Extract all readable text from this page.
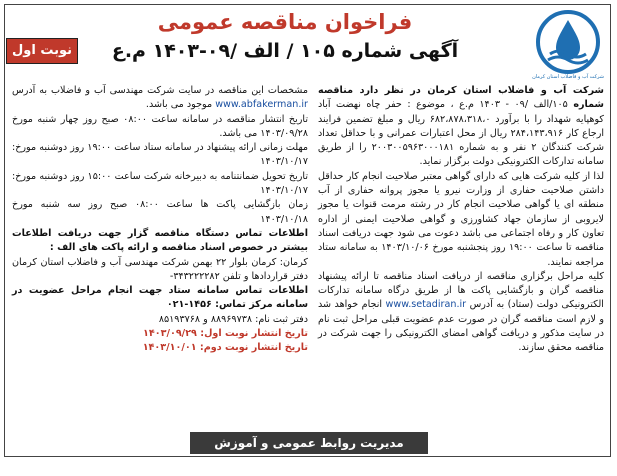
نوبت اول
فراخوان مناقصه عمومی
آگهی شماره ۱۰۵ / الف /۰۹-۱۴۰۳ م.ع
شرکت آب و فاضلاب استان کرمان

شرکت آب و فاضلاب استان کرمان در نظر دارد مناقصه شماره ۱۰۵/الف /۰۹ - ۱۴۰۳ م.ع ، موضوع : حفر چاه نهضت آباد کوهپایه شهداد را با برآورد ۶۸۲،۸۷۸،۳۱۸،۰ ریال و مبلغ تضمین فرایند ارجاع کار ۲۸۴،۱۴۳،۹۱۶ ریال از محل اعتبارات عمرانی و با حداقل تعداد شرکت کنندگان ۲ نفر و به شماره ۲۰۰۳۰۰۵۹۶۳۰۰۰۱۸۱ را از طریق سامانه تدارکات الکترونیکی دولت برگزار نماید.

لذا از کلیه شرکت هایی که دارای گواهی معتبر صلاحیت انجام کار حداقل داشتن صلاحیت حفاری از وزارت نیرو یا مجوز پروانه حفاری از آب منطقه ای یا گواهی صلاحیت انجام کار در رشته مرمت قنوات یا مجوز لایروبی از سازمان جهاد کشاورزی و گواهی صلاحیت ایمنی از اداره تعاون کار و رفاه اجتماعی می باشد دعوت می شود جهت دریافت اسناد مناقصه تا ساعت ۱۹:۰۰ روز پنجشنبه مورخ ۱۴۰۳/۱۰/۰۶ به سامانه ستاد مراجعه نمایند.

کلیه مراحل برگزاری مناقصه از دریافت اسناد مناقصه تا ارائه پیشنهاد مناقصه گران و بازگشایی پاکت ها از طریق درگاه سامانه تدارکات الکترونیکی دولت (ستاد) به آدرس www.setadiran.ir انجام خواهد شد و لازم است مناقصه گران در صورت عدم عضویت قبلی مراحل ثبت نام در سایت مذکور و دریافت گواهی امضای الکترونیکی را جهت شرکت در مناقصه محقق سازند.

مشخصات این مناقصه در سایت شرکت مهندسی آب و فاضلاب به آدرس www.abfakerman.ir موجود می باشد.

تاریخ انتشار مناقصه در سامانه ساعت ۰۸:۰۰ صبح روز چهار شنبه مورخ ۱۴۰۳/۰۹/۲۸ می باشد.

مهلت زمانی ارائه پیشنهاد در سامانه ستاد ساعت ۱۹:۰۰ روز دوشنبه مورخ: ۱۴۰۳/۱۰/۱۷

تاریخ تحویل ضمانتنامه به دبیرخانه شرکت ساعت ۱۵:۰۰ روز دوشنبه مورخ: ۱۴۰۳/۱۰/۱۷

زمان بازگشایی پاکت ها ساعت ۰۸:۰۰ صبح روز سه شنبه مورخ ۱۴۰۳/۱۰/۱۸

اطلاعات تماس دستگاه مناقصه گزار جهت دریافت اطلاعات بیشتر در خصوص اسناد مناقصه و ارائه پاکت های الف :

کرمان: کرمان بلوار ۲۲ بهمن شرکت مهندسی آب و فاضلاب استان کرمان دفتر قراردادها و تلفن ۳۴۳۲۲۲۲۸۲-

اطلاعات تماس سامانه ستاد جهت انجام مراحل عضویت در سامانه مرکز تماس: ۱۴۵۶-۰۲۱

دفتر ثبت نام: ۸۸۹۶۹۷۳۸ و ۸۵۱۹۳۷۶۸

تاریخ انتشار نوبت اول: ۱۴۰۳/۰۹/۲۹

تاریخ انتشار نوبت دوم: ۱۴۰۳/۱۰/۰۱

مدیریت روابط عمومی و آموزش همگانی
